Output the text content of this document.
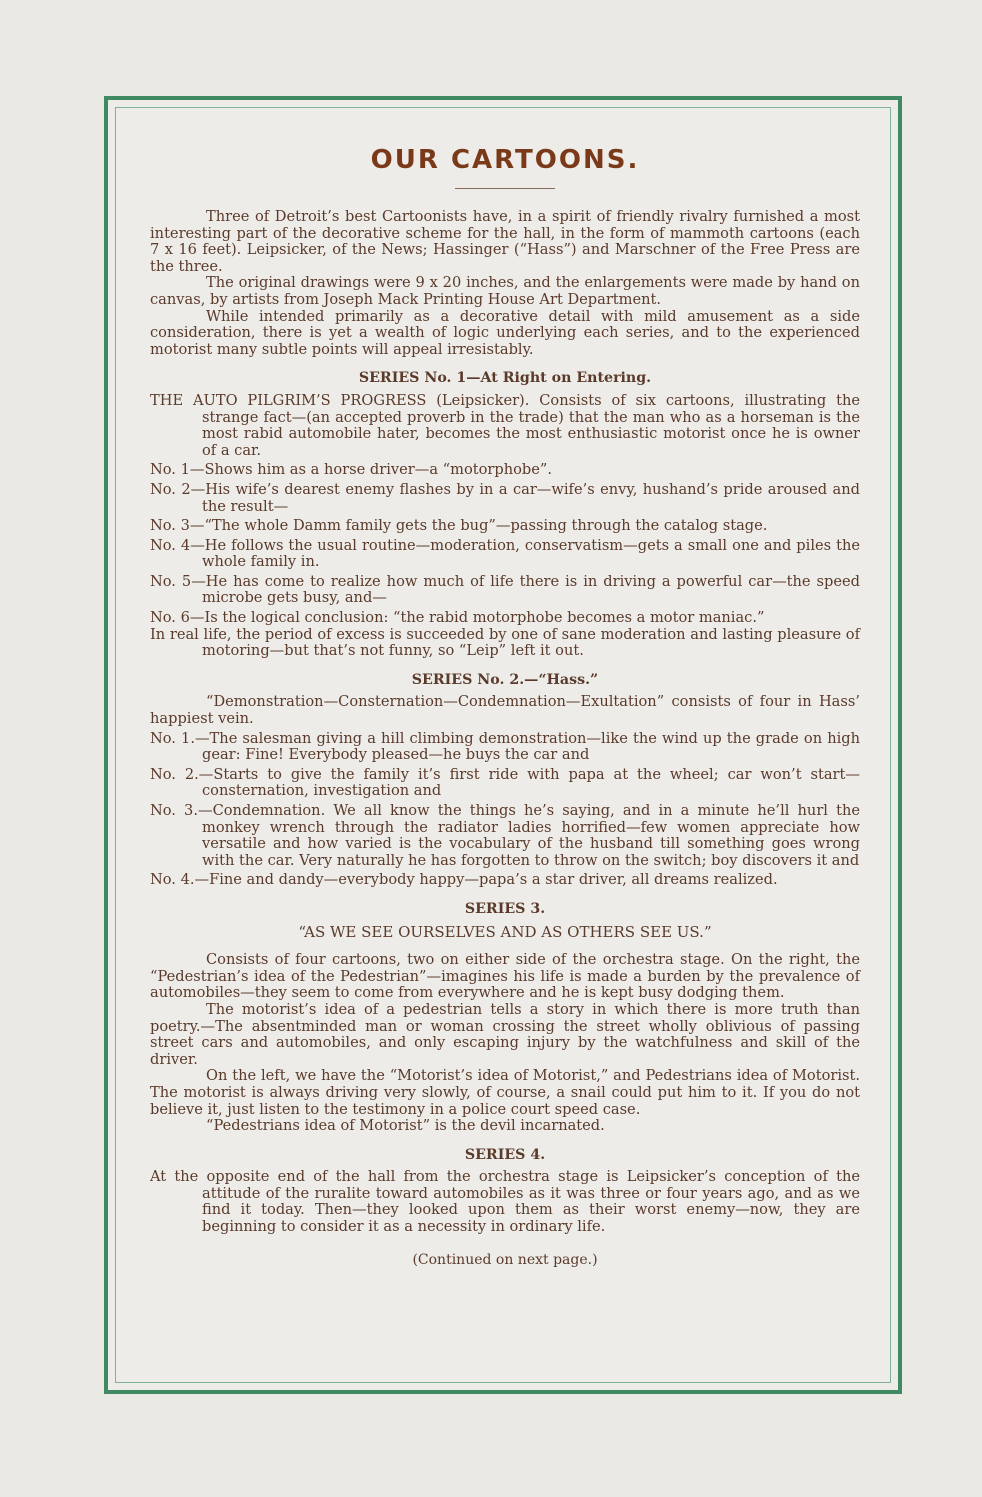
OUR CARTOONS.

Three of Detroit’s best Cartoonists have, in a spirit of friendly rivalry furnished a most interesting part of the decorative scheme for the hall, in the form of mammoth cartoons (each 7 x 16 feet). Leipsicker, of the News; Hassinger (“Hass”) and Marschner of the Free Press are the three.

The original drawings were 9 x 20 inches, and the enlargements were made by hand on canvas, by artists from Joseph Mack Printing House Art Department.

While intended primarily as a decorative detail with mild amusement as a side consideration, there is yet a wealth of logic underlying each series, and to the experienced motorist many subtle points will appeal irresistably.

SERIES No. 1—At Right on Entering.

THE AUTO PILGRIM’S PROGRESS (Leipsicker). Consists of six cartoons, illustrating the strange fact—(an accepted proverb in the trade) that the man who as a horseman is the most rabid automobile hater, becomes the most enthusiastic motorist once he is owner of a car.

No. 1—Shows him as a horse driver—a “motorphobe”.

No. 2—His wife’s dearest enemy flashes by in a car—wife’s envy, hushand’s pride aroused and the result—

No. 3—“The whole Damm family gets the bug”—passing through the catalog stage.

No. 4—He follows the usual routine—moderation, conservatism—gets a small one and piles the whole family in.

No. 5—He has come to realize how much of life there is in driving a powerful car—the speed microbe gets busy, and—

No. 6—Is the logical conclusion: “the rabid motorphobe becomes a motor maniac.”

In real life, the period of excess is succeeded by one of sane moderation and lasting pleasure of motoring—but that’s not funny, so “Leip” left it out.

SERIES No. 2.—“Hass.”

“Demonstration—Consternation—Condemnation—Exultation” consists of four in Hass’ happiest vein.

No. 1.—The salesman giving a hill climbing demonstration—like the wind up the grade on high gear: Fine! Everybody pleased—he buys the car and

No. 2.—Starts to give the family it’s first ride with papa at the wheel; car won’t start—consternation, investigation and

No. 3.—Condemnation. We all know the things he’s saying, and in a minute he’ll hurl the monkey wrench through the radiator ladies horrified—few women appreciate how versatile and how varied is the vocabulary of the husband till something goes wrong with the car. Very naturally he has forgotten to throw on the switch; boy discovers it and

No. 4.—Fine and dandy—everybody happy—papa’s a star driver, all dreams realized.

SERIES 3.
“AS WE SEE OURSELVES AND AS OTHERS SEE US.”

Consists of four cartoons, two on either side of the orchestra stage. On the right, the “Pedestrian’s idea of the Pedestrian”—imagines his life is made a burden by the prevalence of automobiles—they seem to come from everywhere and he is kept busy dodging them.

The motorist’s idea of a pedestrian tells a story in which there is more truth than poetry.—The absentminded man or woman crossing the street wholly oblivious of passing street cars and automobiles, and only escaping injury by the watchfulness and skill of the driver.

On the left, we have the “Motorist’s idea of Motorist,” and Pedestrians idea of Motorist. The motorist is always driving very slowly, of course, a snail could put him to it. If you do not believe it, just listen to the testimony in a police court speed case.

“Pedestrians idea of Motorist” is the devil incarnated.

SERIES 4.

At the opposite end of the hall from the orchestra stage is Leipsicker’s conception of the attitude of the ruralite toward automobiles as it was three or four years ago, and as we find it today. Then—they looked upon them as their worst enemy—now, they are beginning to consider it as a necessity in ordinary life.

(Continued on next page.)
